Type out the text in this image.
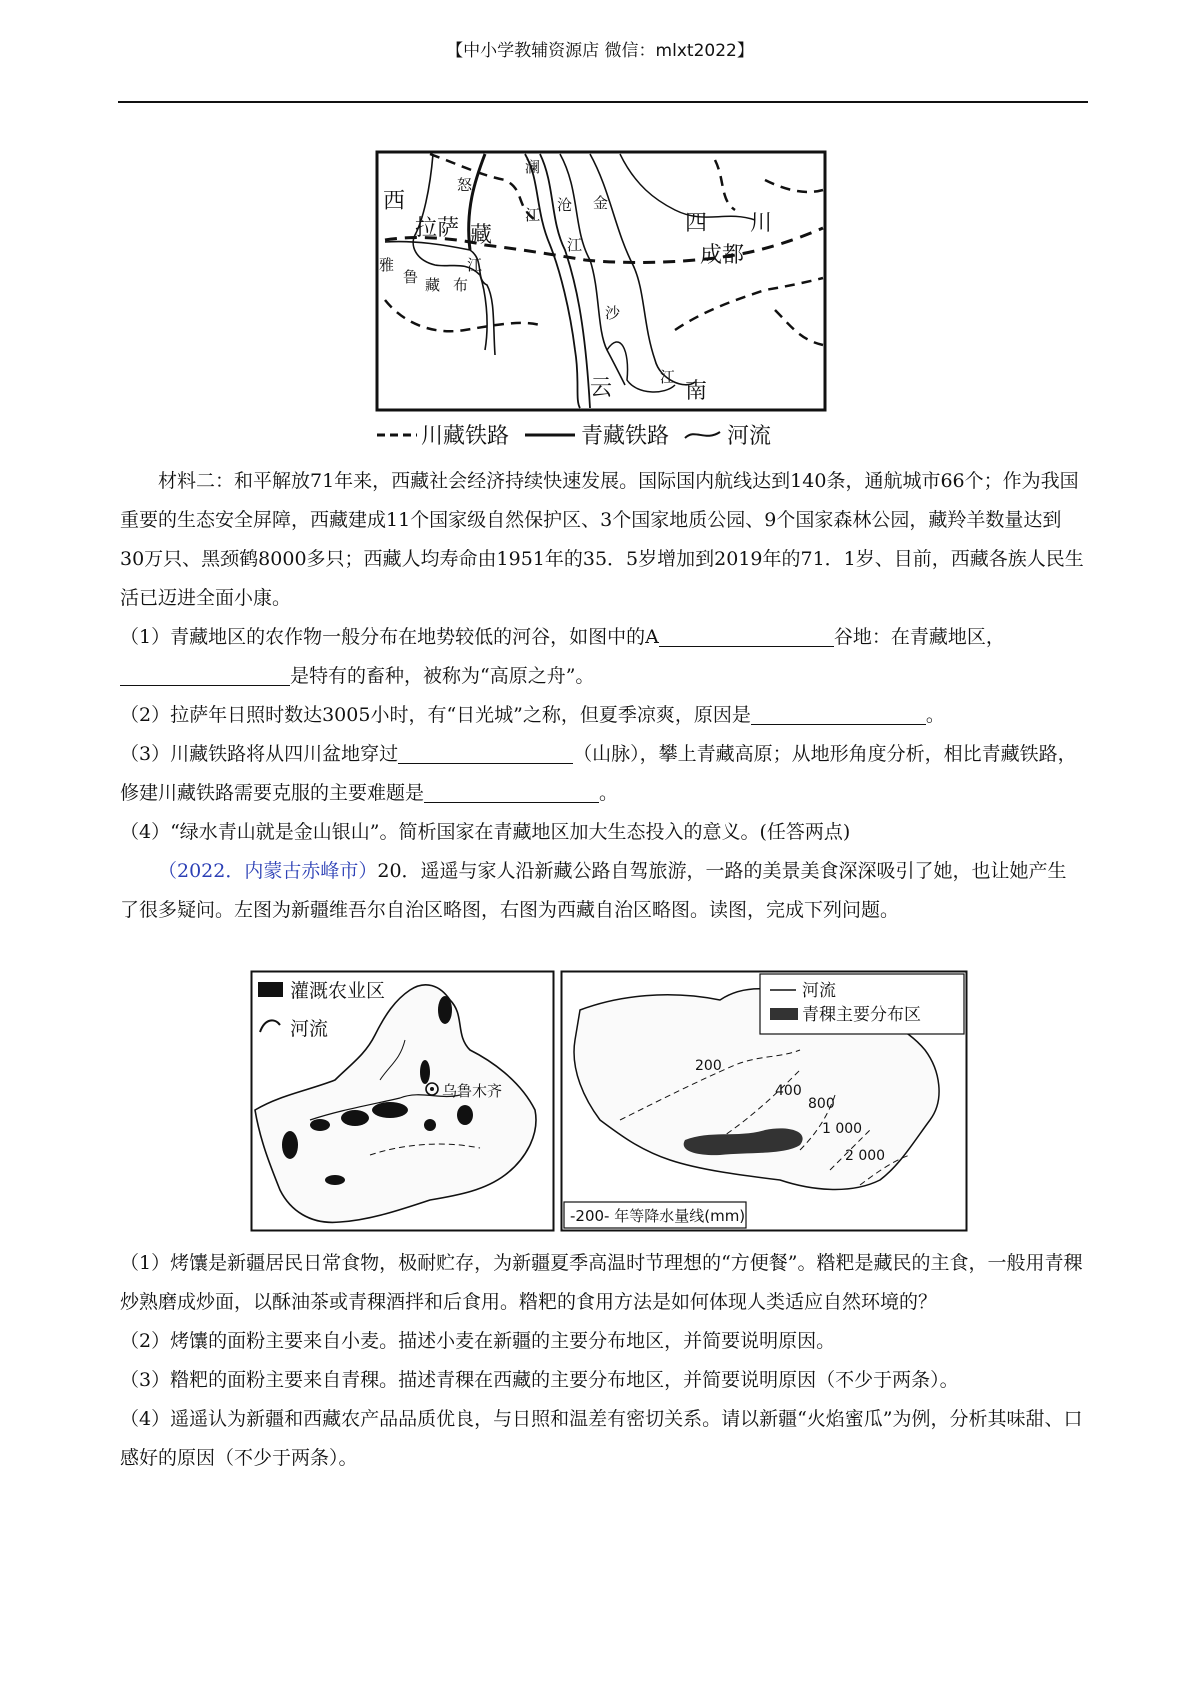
【中小学教辅资源店 微信：mlxt2022】
西
拉萨 藏	四 川
成都
云	南
雅
鲁 藏 布
江
怒
江
澜
沧
江
金
沙
江
川藏铁路	青藏铁路	河流

材料二：和平解放71年来，西藏社会经济持续快速发展。国际国内航线达到140条，通航城市66个；作为我国重要的生态安全屏障，西藏建成11个国家级自然保护区、3个国家地质公园、9个国家森林公园，藏羚羊数量达到30万只、黑颈鹤8000多只；西藏人均寿命由1951年的35．5岁增加到2019年的71．1岁、目前，西藏各族人民生活已迈进全面小康。

（1）青藏地区的农作物一般分布在地势较低的河谷，如图中的A	谷地：在青藏地区，是特有的畜种，被称为“高原之舟”。

（2）拉萨年日照时数达3005小时，有“日光城”之称，但夏季凉爽，原因是	。

（3）川藏铁路将从四川盆地穿过	（山脉），攀上青藏高原；从地形角度分析，相比青藏铁路，修建川藏铁路需要克服的主要难题是	。

（4）“绿水青山就是金山银山”。简析国家在青藏地区加大生态投入的意义。(任答两点)

（2022．内蒙古赤峰市）20．遥遥与家人沿新藏公路自驾旅游，一路的美景美食深深吸引了她，也让她产生了很多疑问。左图为新疆维吾尔自治区略图，右图为西藏自治区略图。读图，完成下列问题。

灌溉农业区
河流
乌鲁木齐
200
400
800
1 000
2 000
河流
青稞主要分布区
-200- 年等降水量线(mm)

（1）烤馕是新疆居民日常食物，极耐贮存，为新疆夏季高温时节理想的“方便餐”。糌粑是藏民的主食，一般用青稞炒熟磨成炒面，以酥油茶或青稞酒拌和后食用。糌粑的食用方法是如何体现人类适应自然环境的？

（2）烤馕的面粉主要来自小麦。描述小麦在新疆的主要分布地区，并简要说明原因。

（3）糌粑的面粉主要来自青稞。描述青稞在西藏的主要分布地区，并简要说明原因（不少于两条）。

（4）遥遥认为新疆和西藏农产品品质优良，与日照和温差有密切关系。请以新疆“火焰蜜瓜”为例，分析其味甜、口感好的原因（不少于两条）。
